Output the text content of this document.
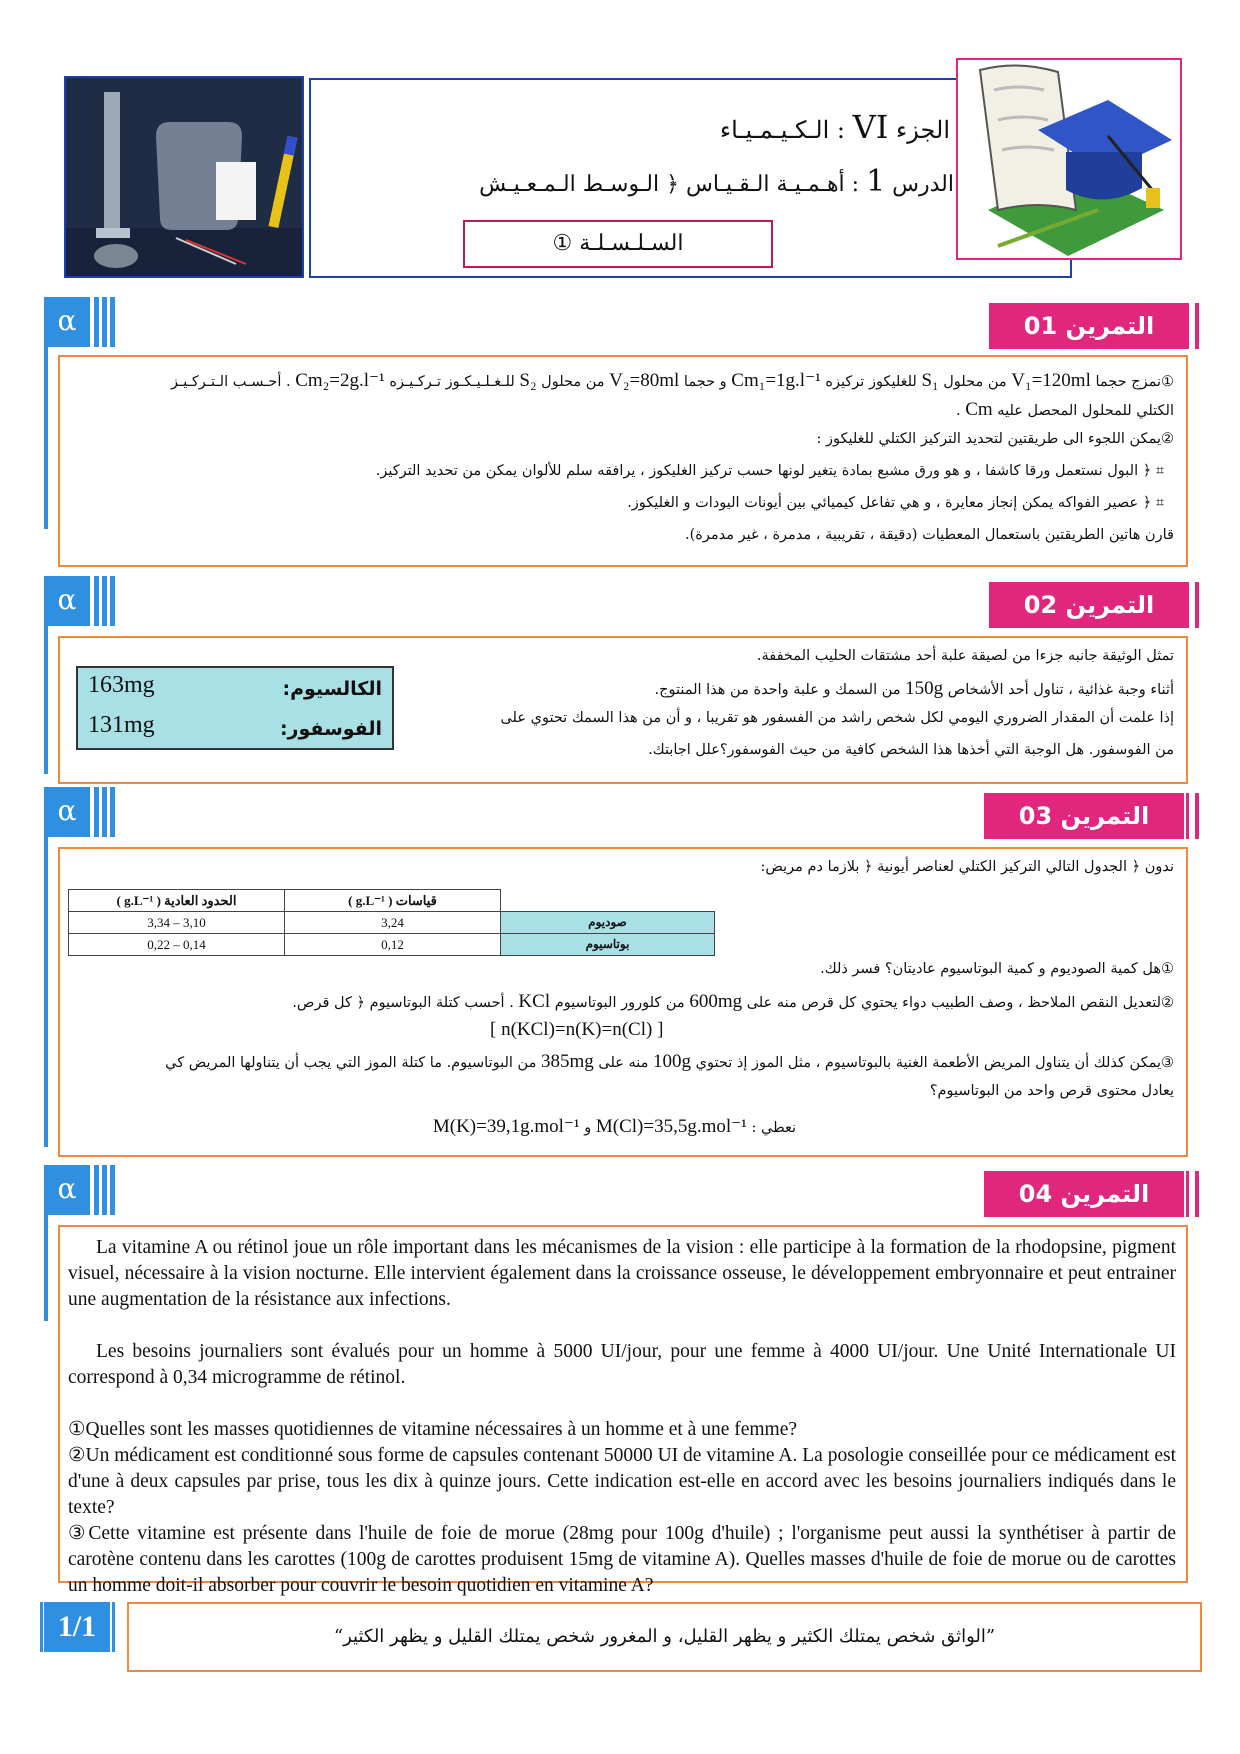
الجزء VI : الـكـيـمـيـاء
الدرس 1 : أهـمـيـة الـقـيـاس ﴿ الـوسـط الـمـعـيـش
السـلـسـلـة ①
α	التمرين 01
①نمزج حجما V₁=120ml من محلول S₁ للغليكوز تركيزه Cm₁=1g.l⁻¹ و حجما V₂=80ml من محلول S₂ للـغـلـيـكـوز تـركـيـزه Cm₂=2g.l⁻¹ . أحـسـب الـتـركـيـز
الكتلي للمحلول المحصل عليه Cm .
②يمكن اللجوء الى طريقتين لتحديد التركيز الكتلي للغليكوز :
⌗ ﴿ البول نستعمل ورقا كاشفا ، و هو ورق مشبع بمادة يتغير لونها حسب تركيز الغليكوز ، يرافقه سلم للألوان يمكن من تحديد التركيز.
⌗ ﴿ عصير الفواكه يمكن إنجاز معايرة ، و هي تفاعل كيميائي بين أيونات اليودات و الغليكوز.
قارن هاتين الطريقتين باستعمال المعطيات (دقيقة ، تقريبية ، مدمرة ، غير مدمرة).
α	التمرين 02
163mg	الكالسيوم:
131mg	الفوسفور:
تمثل الوثيقة جانبه جزءا من لصيقة علبة أحد مشتقات الحليب المخففة.
أثناء وجبة غذائية ، تناول أحد الأشخاص 150g من السمك و علبة واحدة من هذا المنتوج.
إذا علمت أن المقدار الضروري اليومي لكل شخص راشد من الفسفور هو تقريبا ، و أن من هذا السمك تحتوي على
من الفوسفور. هل الوجبة التي أخذها هذا الشخص كافية من حيث الفوسفور؟علل اجابتك.
α	التمرين 03
ندون ﴿ الجدول التالي التركيز الكتلي لعناصر أيونية ﴿ بلازما دم مريض:
الحدود العادية ( g.L⁻¹ )	قياسات ( g.L⁻¹ )	
3,34 – 3,10	3,24	صوديوم
0,22 – 0,14	0,12	بوتاسيوم
①هل كمية الصوديوم و كمية البوتاسيوم عاديتان؟ فسر ذلك.
②لتعديل النقص الملاحظ ، وصف الطبيب دواء يحتوي كل قرص منه على 600mg من كلورور البوتاسيوم KCl . أحسب كتلة البوتاسيوم ﴿ كل قرص.
[ n(KCl)=n(K)=n(Cl) ]
③يمكن كذلك أن يتناول المريض الأطعمة الغنية بالبوتاسيوم ، مثل الموز إذ تحتوي 100g منه على 385mg من البوتاسيوم. ما كتلة الموز التي يجب أن يتناولها المريض كي
يعادل محتوى قرص واحد من البوتاسيوم؟
نعطي : M(Cl)=35,5g.mol⁻¹ و M(K)=39,1g.mol⁻¹
α	التمرين 04
La vitamine A ou rétinol joue un rôle important dans les mécanismes de la vision : elle participe à la formation de la rhodopsine, pigment visuel, nécessaire à la vision nocturne. Elle intervient également dans la croissance osseuse, le développement embryonnaire et peut entrainer une augmentation de la résistance aux infections.
Les besoins journaliers sont évalués pour un homme à 5000 UI/jour, pour une femme à 4000 UI/jour. Une Unité Internationale UI correspond à 0,34 microgramme de rétinol.
①Quelles sont les masses quotidiennes de vitamine nécessaires à un homme et à une femme?
②Un médicament est conditionné sous forme de capsules contenant 50000 UI de vitamine A. La posologie conseillée pour ce médicament est d'une à deux capsules par prise, tous les dix à quinze jours. Cette indication est-elle en accord avec les besoins journaliers indiqués dans le texte?
③Cette vitamine est présente dans l'huile de foie de morue (28mg pour 100g d'huile) ; l'organisme peut aussi la synthétiser à partir de carotène contenu dans les carottes (100g de carottes produisent 15mg de vitamine A). Quelles masses d'huile de foie de morue ou de carottes un homme doit-il absorber pour couvrir le besoin quotidien en vitamine A?
1/1	”الواثق شخص يمتلك الكثير و يظهر القليل، و المغرور شخص يمتلك القليل و يظهر الكثير“
